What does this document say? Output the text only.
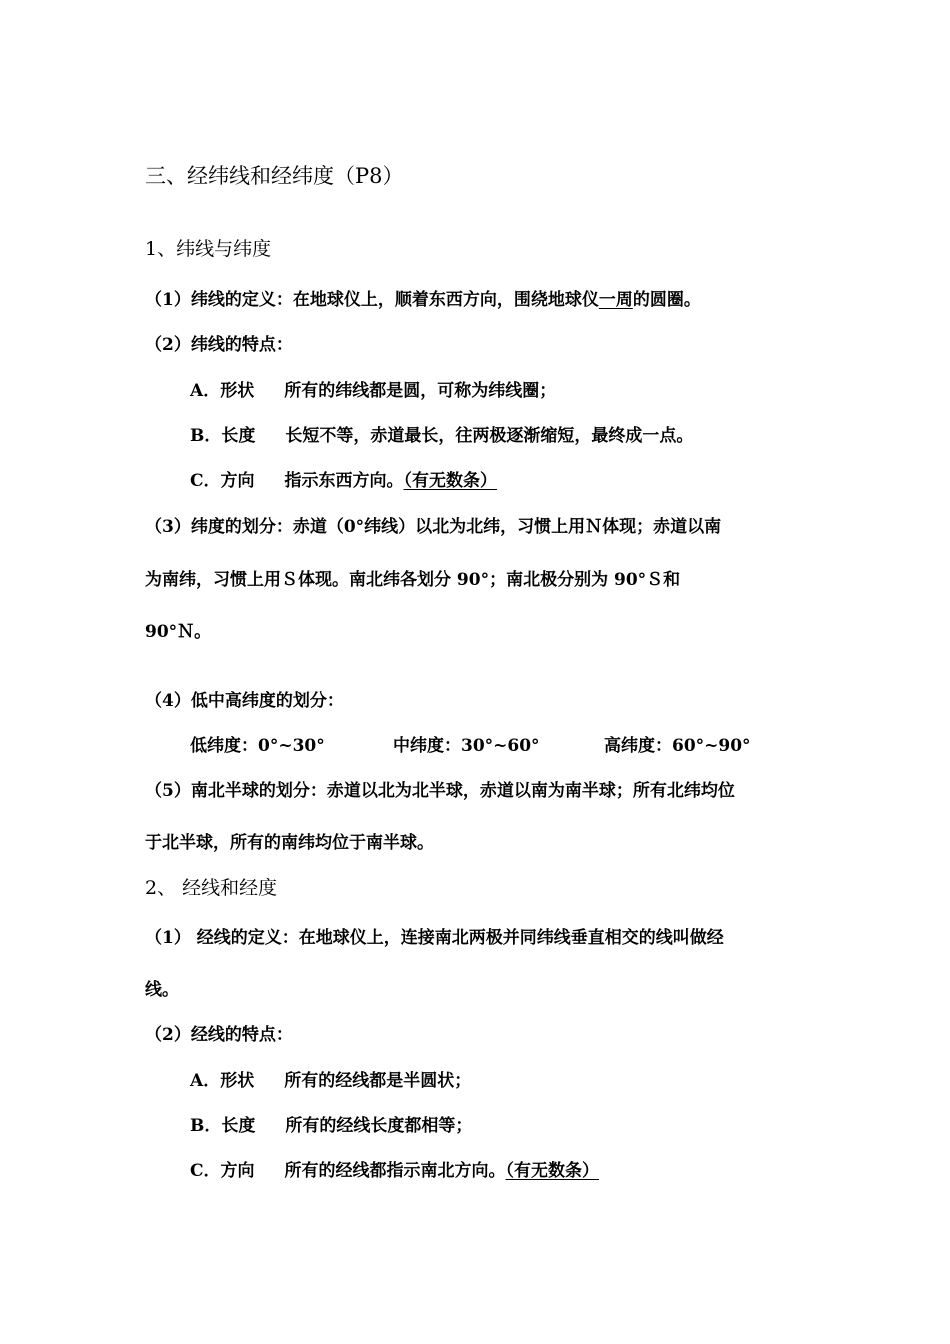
三、经纬线和经纬度（P8）
1、纬线与纬度
（1）纬线的定义：在地球仪上，顺着东西方向，围绕地球仪一周的圆圈。
（2）纬线的特点：
A．形状 所有的纬线都是圆，可称为纬线圈；
B．长度 长短不等，赤道最长，往两极逐渐缩短，最终成一点。
C．方向 指示东西方向。（有无数条）
（3）纬度的划分：赤道（0°纬线）以北为北纬，习惯上用Ｎ体现；赤道以南
为南纬，习惯上用Ｓ体现。南北纬各划分 90°；南北极分别为 90°Ｓ和
90°Ｎ。
（4）低中高纬度的划分：
低纬度：0°~30°	中纬度：30°~60°	高纬度：60°~90°
（5）南北半球的划分：赤道以北为北半球，赤道以南为南半球；所有北纬均位
于北半球，所有的南纬均位于南半球。
2、 经线和经度
（1） 经线的定义：在地球仪上，连接南北两极并同纬线垂直相交的线叫做经
线。
（2）经线的特点：
A．形状 所有的经线都是半圆状；
B．长度 所有的经线长度都相等；
C．方向 所有的经线都指示南北方向。（有无数条）
